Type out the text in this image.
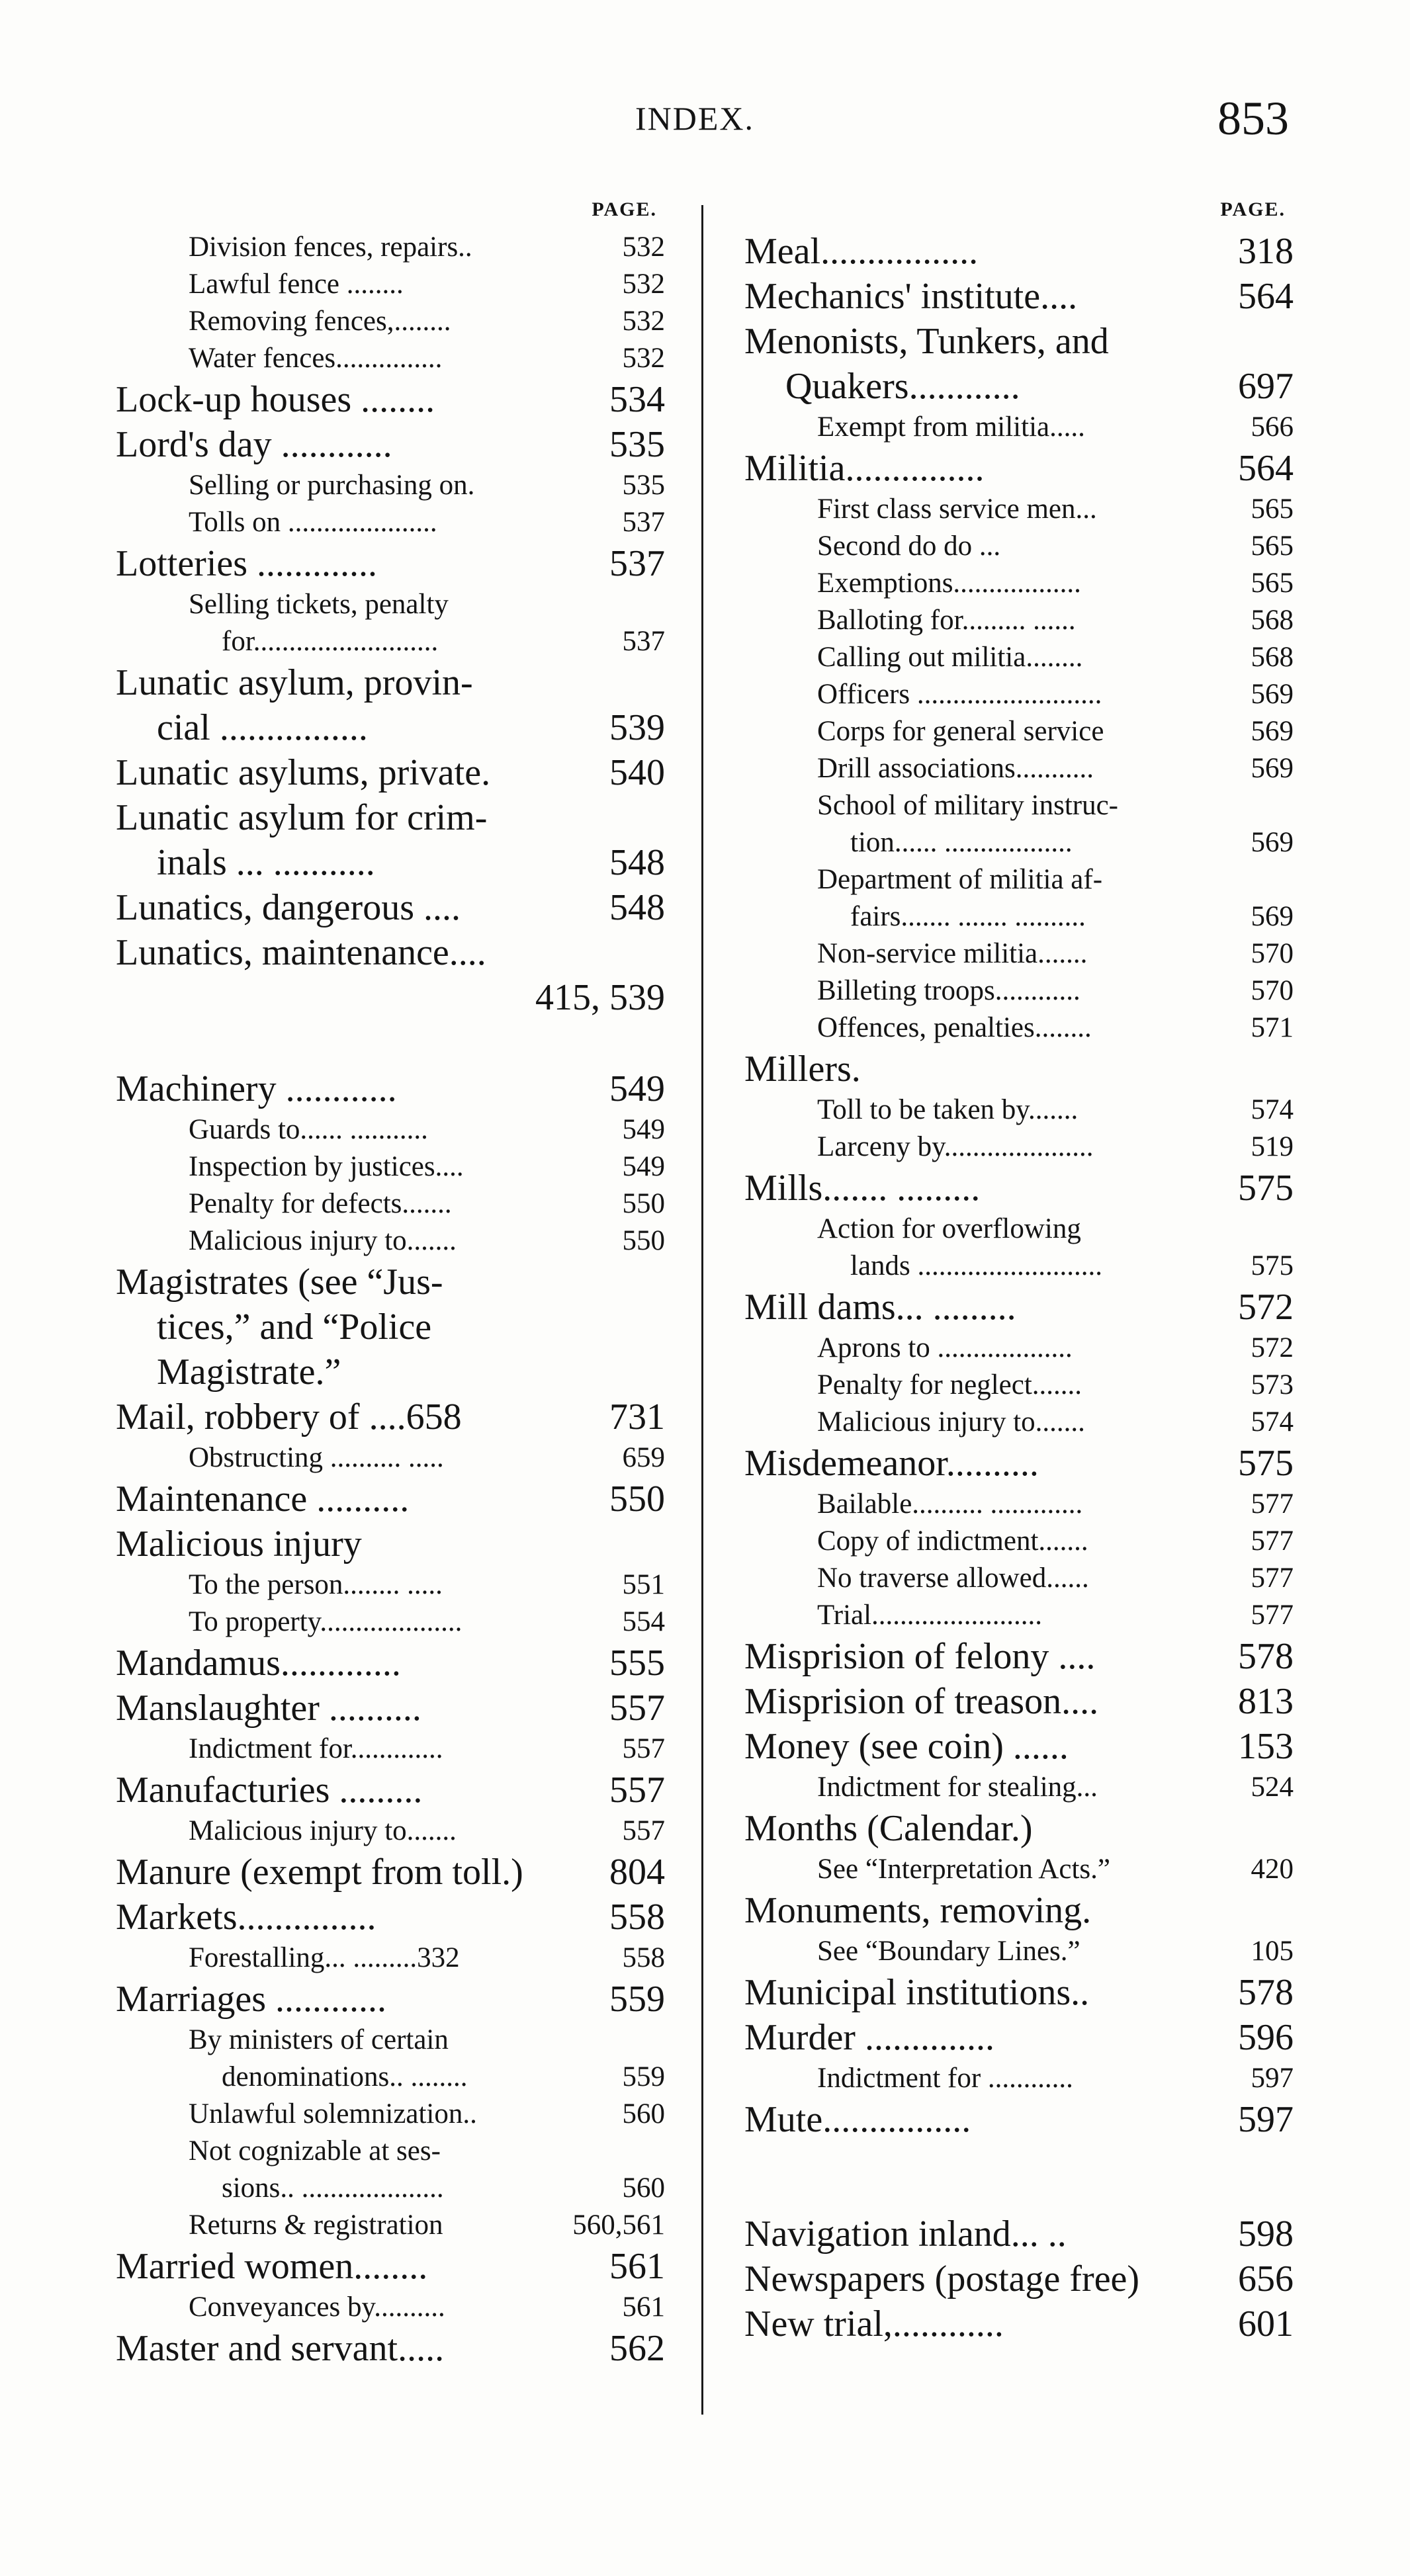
INDEX.	853
PAGE.
Division fences, repairs..	532
Lawful fence ........	532
Removing fences,........	532
Water fences...............	532
Lock-up houses ........	534
Lord's day ............	535
Selling or purchasing on.	535
Tolls on .....................	537
Lotteries .............	537
Selling tickets, penalty
for..........................	537
Lunatic asylum, provin-
cial ................	539
Lunatic asylums, private.	540
Lunatic asylum for crim-
inals ... ...........	548
Lunatics, dangerous ....	548
Lunatics, maintenance....

415, 539
Machinery ............	549
Guards to...... ...........	549
Inspection by justices....	549
Penalty for defects.......	550
Malicious injury to.......	550
Magistrates (see “Jus-
tices,” and “Police
Magistrate.”
Mail, robbery of ....658	731
Obstructing .......... .....	659
Maintenance ..........	550
Malicious injury
To the person........ .....	551
To property....................	554
Mandamus.............	555
Manslaughter ..........	557
Indictment for.............	557
Manufacturies .........	557
Malicious injury to.......	557
Manure (exempt from toll.)	804
Markets...............	558
Forestalling... .........332	558
Marriages ............	559
By ministers of certain
denominations.. ........	559
Unlawful solemnization..	560
Not cognizable at ses-
sions.. ....................	560
Returns & registration	560,561
Married women........	561
Conveyances by..........	561
Master and servant.....	562
PAGE.
Meal.................	318
Mechanics' institute....	564
Menonists, Tunkers, and
Quakers............	697
Exempt from militia.....	566
Militia...............	564
First class service men...	565
Second do do ...	565
Exemptions..................	565
Balloting for......... ......	568
Calling out militia........	568
Officers ..........................	569
Corps for general service	569
Drill associations...........	569
School of military instruc-
tion...... ..................	569
Department of militia af-
fairs....... ....... ..........	569
Non-service militia.......	570
Billeting troops............	570
Offences, penalties........	571
Millers.
Toll to be taken by.......	574
Larceny by.....................	519
Mills....... .........	575
Action for overflowing
lands ..........................	575
Mill dams... .........	572
Aprons to ...................	572
Penalty for neglect.......	573
Malicious injury to.......	574
Misdemeanor..........	575
Bailable.......... .............	577
Copy of indictment.......	577
No traverse allowed......	577
Trial........................	577
Misprision of felony ....	578
Misprision of treason....	813
Money (see coin) ......	153
Indictment for stealing...	524
Months (Calendar.)
See “Interpretation Acts.”	420
Monuments, removing.
See “Boundary Lines.”	105
Municipal institutions..	578
Murder ..............	596
Indictment for ............	597
Mute................	597
Navigation inland... ..	598
Newspapers (postage free)	656
New trial,............	601
